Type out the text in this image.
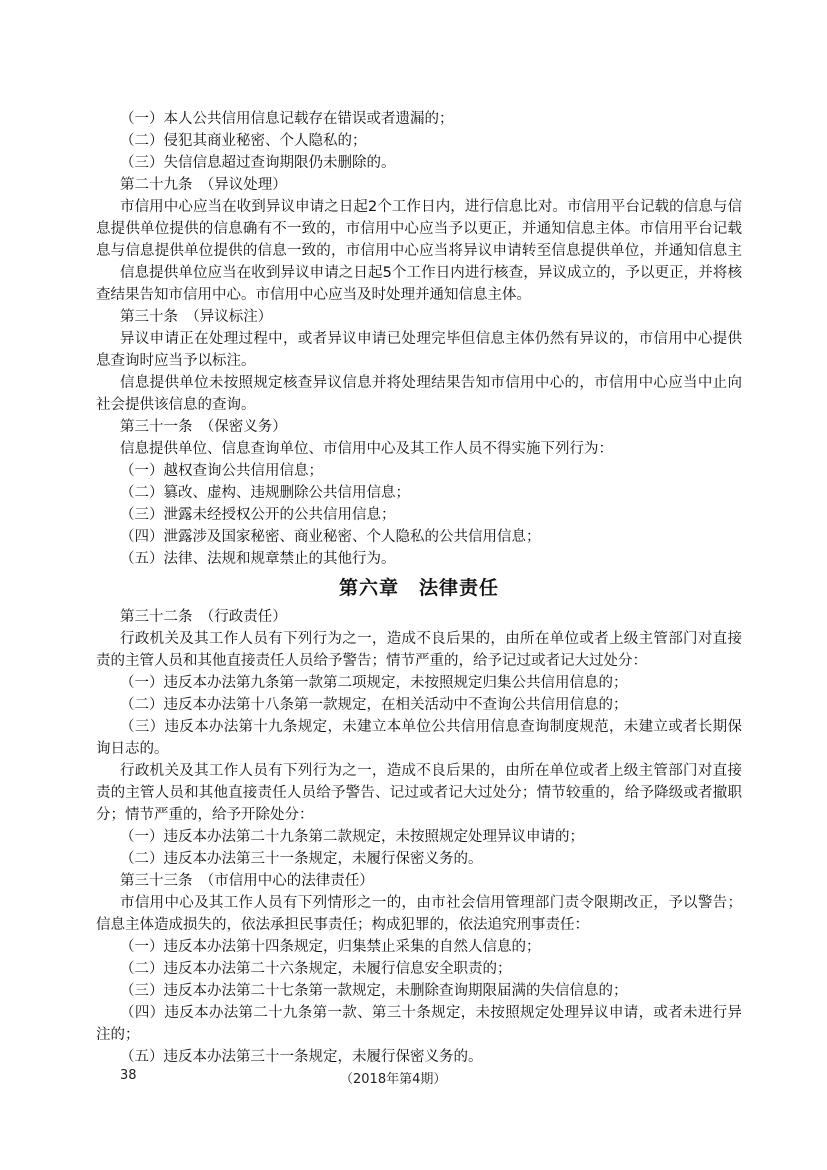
（一）本人公共信用信息记载存在错误或者遗漏的；
（二）侵犯其商业秘密、个人隐私的；
（三）失信信息超过查询期限仍未删除的。
第二十九条　（异议处理）
市信用中心应当在收到异议申请之日起2个工作日内，进行信息比对。市信用平台记载的信息与信
息提供单位提供的信息确有不一致的，市信用中心应当予以更正，并通知信息主体。市信用平台记载
息与信息提供单位提供的信息一致的，市信用中心应当将异议申请转至信息提供单位，并通知信息主
信息提供单位应当在收到异议申请之日起5个工作日内进行核查，异议成立的，予以更正，并将核
查结果告知市信用中心。市信用中心应当及时处理并通知信息主体。
第三十条　（异议标注）
异议申请正在处理过程中，或者异议申请已处理完毕但信息主体仍然有异议的，市信用中心提供
息查询时应当予以标注。
信息提供单位未按照规定核查异议信息并将处理结果告知市信用中心的，市信用中心应当中止向
社会提供该信息的查询。
第三十一条　（保密义务）
信息提供单位、信息查询单位、市信用中心及其工作人员不得实施下列行为：
（一）越权查询公共信用信息；
（二）篡改、虚构、违规删除公共信用信息；
（三）泄露未经授权公开的公共信用信息；
（四）泄露涉及国家秘密、商业秘密、个人隐私的公共信用信息；
（五）法律、法规和规章禁止的其他行为。
第六章　法律责任
第三十二条　（行政责任）
行政机关及其工作人员有下列行为之一，造成不良后果的，由所在单位或者上级主管部门对直接
责的主管人员和其他直接责任人员给予警告；情节严重的，给予记过或者记大过处分：
（一）违反本办法第九条第一款第二项规定，未按照规定归集公共信用信息的；
（二）违反本办法第十八条第一款规定，在相关活动中不查询公共信用信息的；
（三）违反本办法第十九条规定，未建立本单位公共信用信息查询制度规范，未建立或者长期保
询日志的。
行政机关及其工作人员有下列行为之一，造成不良后果的，由所在单位或者上级主管部门对直接
责的主管人员和其他直接责任人员给予警告、记过或者记大过处分；情节较重的，给予降级或者撤职
分；情节严重的，给予开除处分：
（一）违反本办法第二十九条第二款规定，未按照规定处理异议申请的；
（二）违反本办法第三十一条规定，未履行保密义务的。
第三十三条　（市信用中心的法律责任）
市信用中心及其工作人员有下列情形之一的，由市社会信用管理部门责令限期改正，予以警告；
信息主体造成损失的，依法承担民事责任；构成犯罪的，依法追究刑事责任：
（一）违反本办法第十四条规定，归集禁止采集的自然人信息的；
（二）违反本办法第二十六条规定，未履行信息安全职责的；
（三）违反本办法第二十七条第一款规定，未删除查询期限届满的失信信息的；
（四）违反本办法第二十九条第一款、第三十条规定，未按照规定处理异议申请，或者未进行异
注的；
（五）违反本办法第三十一条规定，未履行保密义务的。
38	（2018年第4期）
